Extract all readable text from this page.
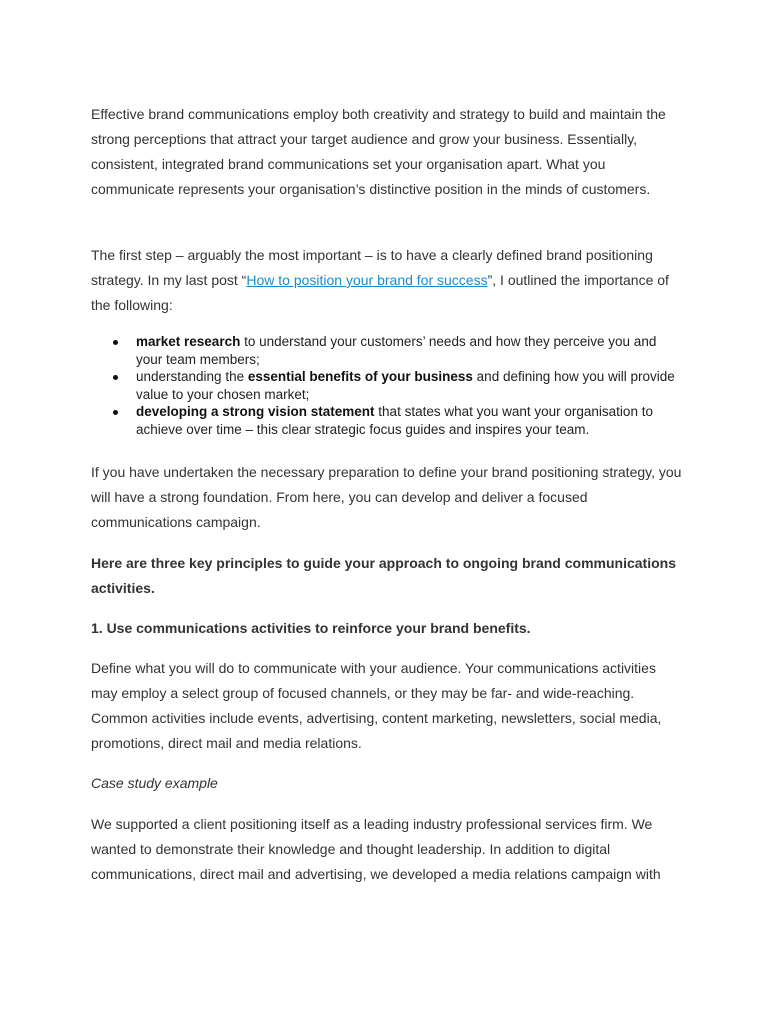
Effective brand communications employ both creativity and strategy to build and maintain the strong perceptions that attract your target audience and grow your business. Essentially, consistent, integrated brand communications set your organisation apart. What you communicate represents your organisation’s distinctive position in the minds of customers.

The first step – arguably the most important – is to have a clearly defined brand positioning strategy. In my last post “How to position your brand for success”, I outlined the importance of the following:

market research to understand your customers’ needs and how they perceive you and your team members;
understanding the essential benefits of your business and defining how you will provide value to your chosen market;
developing a strong vision statement that states what you want your organisation to achieve over time – this clear strategic focus guides and inspires your team.

If you have undertaken the necessary preparation to define your brand positioning strategy, you will have a strong foundation. From here, you can develop and deliver a focused communications campaign.

Here are three key principles to guide your approach to ongoing brand communications activities.

1. Use communications activities to reinforce your brand benefits.

Define what you will do to communicate with your audience. Your communications activities may employ a select group of focused channels, or they may be far- and wide-reaching. Common activities include events, advertising, content marketing, newsletters, social media, promotions, direct mail and media relations.

Case study example

We supported a client positioning itself as a leading industry professional services firm. We wanted to demonstrate their knowledge and thought leadership. In addition to digital communications, direct mail and advertising, we developed a media relations campaign with
